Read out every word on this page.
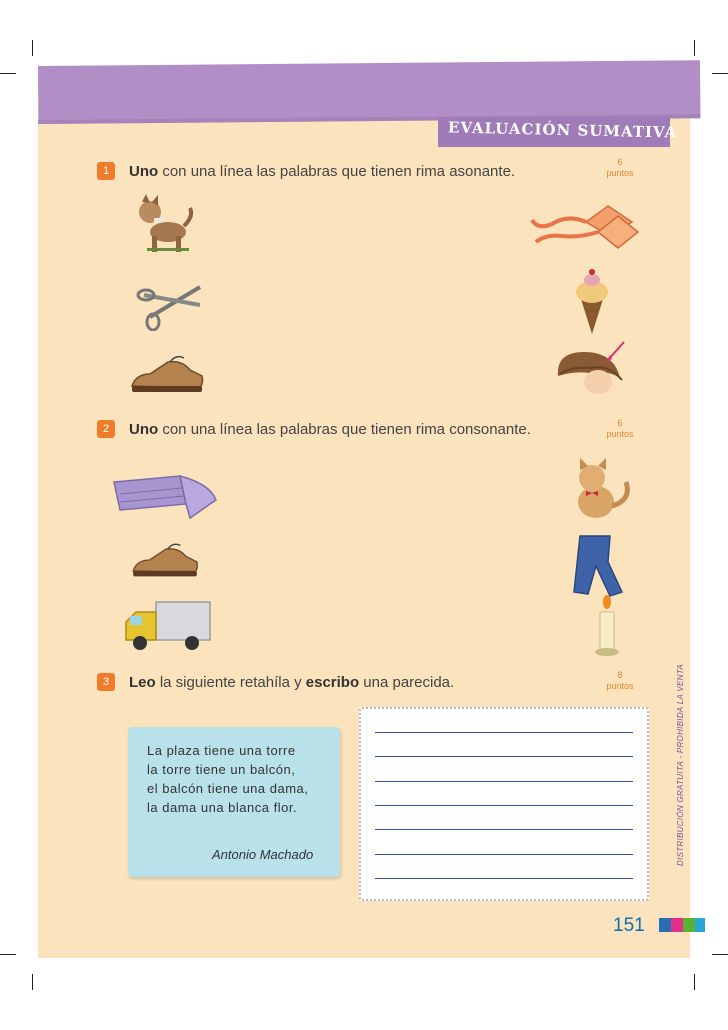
EVALUACIÓN SUMATIVA
1	Uno con una línea las palabras que tienen rima asonante.
6
puntos
2	Uno con una línea las palabras que tienen rima consonante.	6
puntos
3	Leo la siguiente retahíla y escribo una parecida.	8
puntos
La plaza tiene una torre
la torre tiene un balcón,
el balcón tiene una dama,
la dama una blanca flor.
Antonio Machado	DISTRIBUCIÓN GRATUITA - PROHIBIDA LA VENTA
151
